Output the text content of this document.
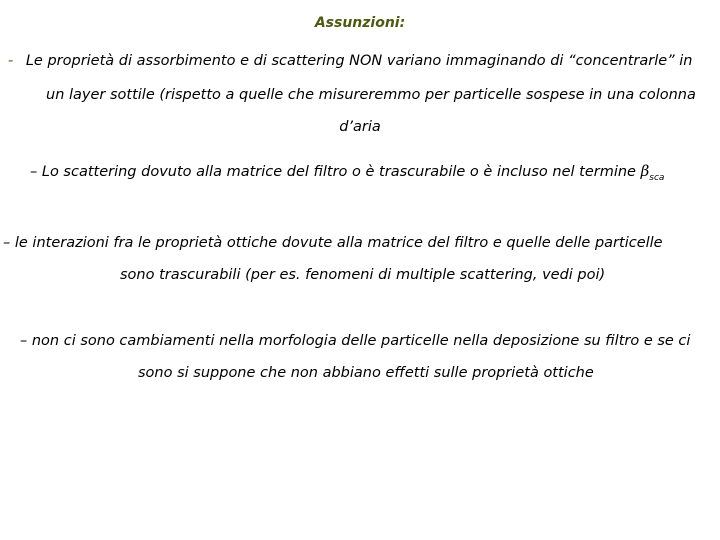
Assunzioni:
- Le proprietà di assorbimento e di scattering NON variano immaginando di “concentrarle” in
un layer sottile (rispetto a quelle che misureremmo per particelle sospese in una colonna
d’aria
– Lo scattering dovuto alla matrice del filtro o è trascurabile o è incluso nel termine $\beta_{sca}$
– le interazioni fra le proprietà ottiche dovute alla matrice del filtro e quelle delle particelle
sono trascurabili (per es. fenomeni di multiple scattering, vedi poi)
– non ci sono cambiamenti nella morfologia delle particelle nella deposizione su filtro e se ci
sono si suppone che non abbiano effetti sulle proprietà ottiche
